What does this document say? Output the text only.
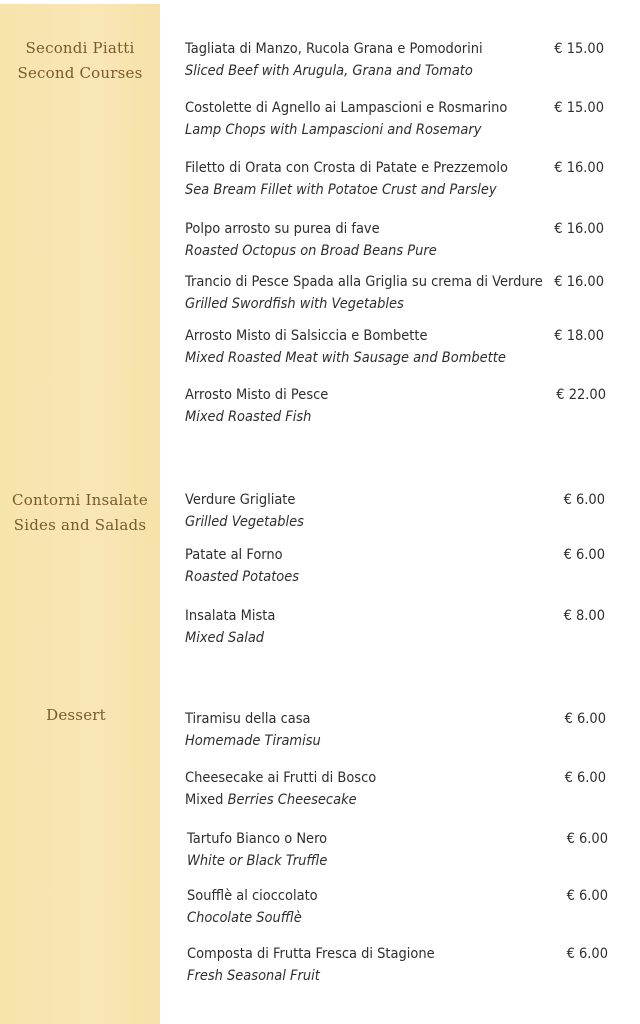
Secondi Piatti
Second Courses
Contorni Insalate
Sides and Salads
Dessert
Tagliata di Manzo, Rucola Grana e Pomodorini
Sliced Beef with Arugula, Grana and Tomato
€ 15.00
Costolette di Agnello ai Lampascioni e Rosmarino
Lamp Chops with Lampascioni and Rosemary
€ 15.00
Filetto di Orata con Crosta di Patate e Prezzemolo
Sea Bream Fillet with Potatoe Crust and Parsley
€ 16.00
Polpo arrosto su purea di fave
Roasted Octopus on Broad Beans Pure
€ 16.00
Trancio di Pesce Spada alla Griglia su crema di Verdure
Grilled Swordfish with Vegetables
€ 16.00
Arrosto Misto di Salsiccia e Bombette
Mixed Roasted Meat with Sausage and Bombette
€ 18.00
Arrosto Misto di Pesce
Mixed Roasted Fish
€ 22.00
Verdure Grigliate
Grilled Vegetables
€ 6.00
Patate al Forno
Roasted Potatoes
€ 6.00
Insalata Mista
Mixed Salad
€ 8.00
Tiramisu della casa
Homemade Tiramisu
€ 6.00
Cheesecake ai Frutti di Bosco
Mixed Berries Cheesecake
€ 6.00
Tartufo Bianco o Nero
White or Black Truffle
€ 6.00
Soufflè al cioccolato
Chocolate Soufflè
€ 6.00
Composta di Frutta Fresca di Stagione
Fresh Seasonal Fruit
€ 6.00
